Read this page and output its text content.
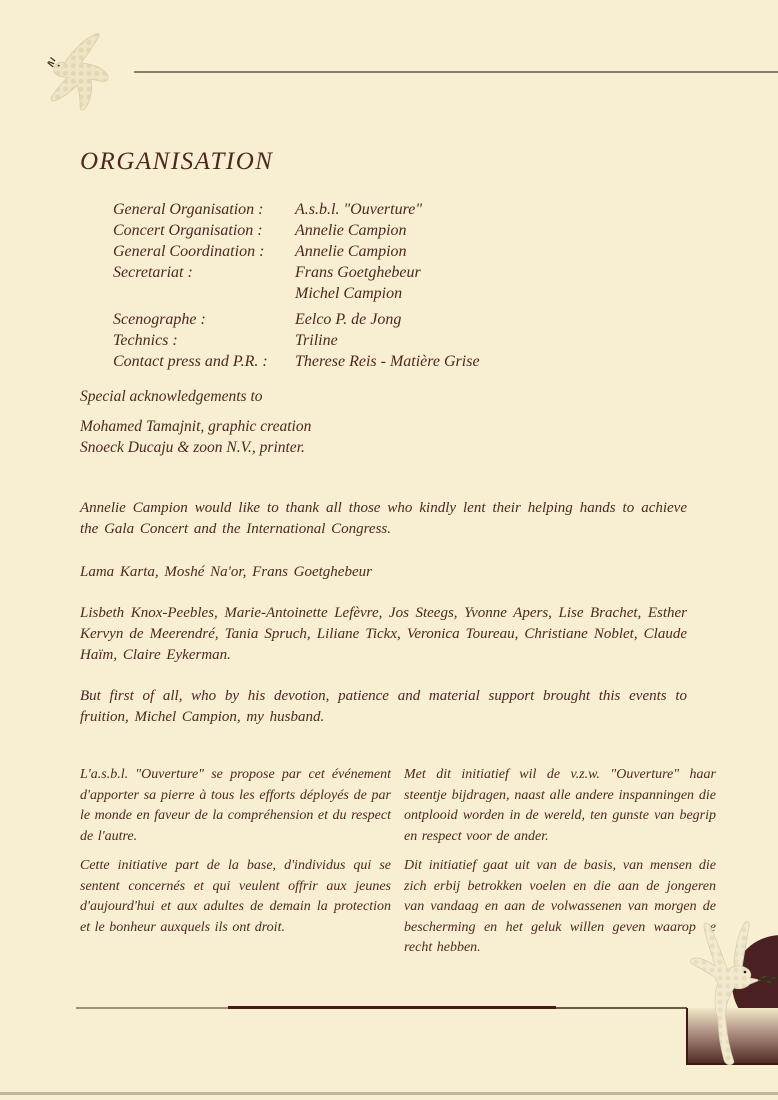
ORGANISATION
General Organisation :	A.s.b.l. "Ouverture"
Concert Organisation :	Annelie Campion
General Coordination :	Annelie Campion
Secretariat :	Frans Goetghebeur
Michel Campion
Scenographe :	Eelco P. de Jong
Technics :	Triline
Contact press and P.R. :	Therese Reis - Matière Grise

Special acknowledgements to

Mohamed Tamajnit, graphic creation

Snoeck Ducaju & zoon N.V., printer.

Annelie Campion would like to thank all those who kindly lent their helping hands to achieve the Gala Concert and the International Congress.

Lama Karta, Moshé Na'or, Frans Goetghebeur

Lisbeth Knox-Peebles, Marie-Antoinette Lefèvre, Jos Steegs, Yvonne Apers, Lise Brachet, Esther Kervyn de Meerendré, Tania Spruch, Liliane Tickx, Veronica Toureau, Christiane Noblet, Claude Haïm, Claire Eykerman.

But first of all, who by his devotion, patience and material support brought this events to fruition, Michel Campion, my husband.

L'a.s.b.l. "Ouverture" se propose par cet événement d'apporter sa pierre à tous les efforts déployés de par le monde en faveur de la compréhension et du respect de l'autre.

Cette initiative part de la base, d'individus qui se sentent concernés et qui veulent offrir aux jeunes d'aujourd'hui et aux adultes de demain la protection et le bonheur auxquels ils ont droit.

Met dit initiatief wil de v.z.w. "Ouverture" haar steentje bijdragen, naast alle andere inspanningen die ontplooid worden in de wereld, ten gunste van begrip en respect voor de ander.

Dit initiatief gaat uit van de basis, van mensen die zich erbij betrokken voelen en die aan de jongeren van vandaag en aan de volwassenen van morgen de bescherming en het geluk willen geven waarop ze recht hebben.
